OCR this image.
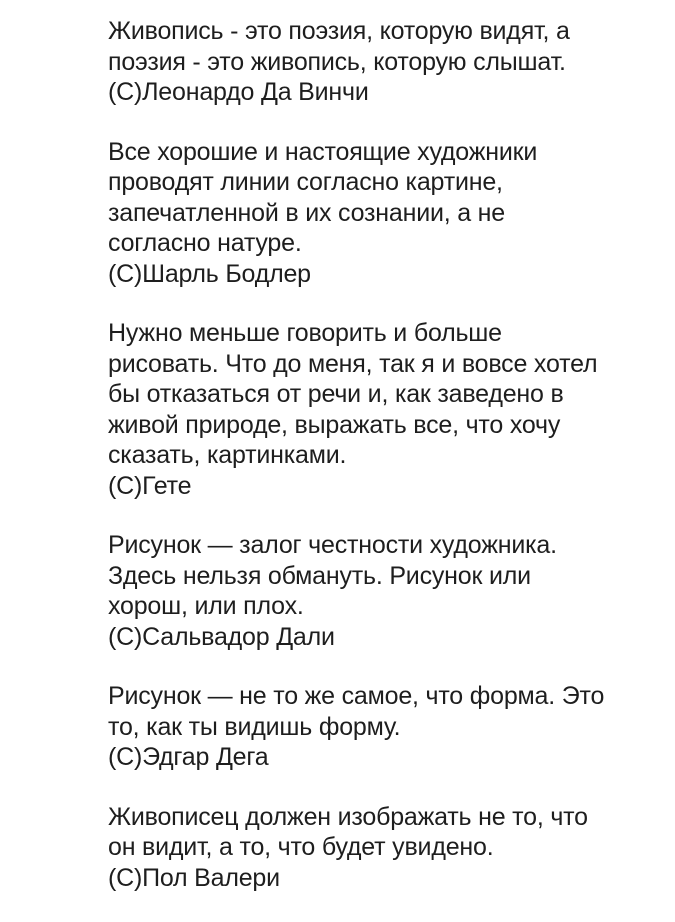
Живопись - это поэзия, которую видят, а
поэзия - это живопись, которую слышат.
(С)Леонардо Да Винчи
Все хорошие и настоящие художники
проводят линии согласно картине,
запечатленной в их сознании, а не
согласно натуре.
(С)Шарль Бодлер
Нужно меньше говорить и больше
рисовать. Что до меня, так я и вовсе хотел
бы отказаться от речи и, как заведено в
живой природе, выражать все, что хочу
сказать, картинками.
(С)Гете
Рисунок — залог честности художника.
Здесь нельзя обмануть. Рисунок или
хорош, или плох.
(С)Сальвадор Дали
Рисунок — не то же самое, что форма. Это
то, как ты видишь форму.
(С)Эдгар Дега
Живописец должен изображать не то, что
он видит, а то, что будет увидено.
(С)Пол Валери
